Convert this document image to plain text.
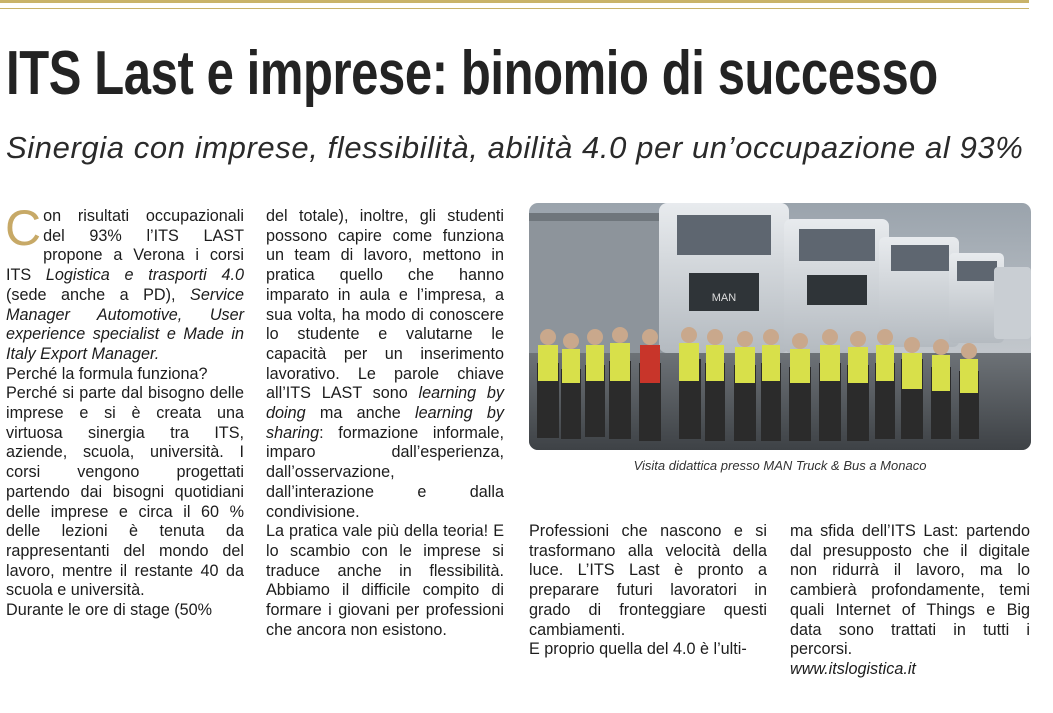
ITS Last e imprese: binomio di successo
Sinergia con imprese, flessibilità, abilità 4.0 per un’occupazione al 93%

Con risultati occupazionali del 93% l’ITS LAST propone a Verona i corsi ITS Logistica e trasporti 4.0 (sede anche a PD), Service Manager Automotive, User experience specialist e Made in Italy Export Manager.

Perché la formula funziona?

Perché si parte dal bisogno delle imprese e si è creata una virtuosa sinergia tra ITS, aziende, scuola, università. I corsi vengono progettati partendo dai bisogni quotidiani delle imprese e circa il 60 % delle lezioni è tenuta da rappresentanti del mondo del lavoro, mentre il restante 40 da scuola e università.

Durante le ore di stage (50%

del totale), inoltre, gli studenti possono capire come funziona un team di lavoro, mettono in pratica quello che hanno imparato in aula e l’impresa, a sua volta, ha modo di conoscere lo studente e valutarne le capacità per un inserimento lavorativo. Le parole chiave all’ITS LAST sono learning by doing ma anche learning by sharing: formazione informale, imparo dall’esperienza, dall’osservazione, dall’interazione e dalla condivisione.

La pratica vale più della teoria! E lo scambio con le imprese si traduce anche in flessibilità. Abbiamo il difficile compito di formare i giovani per professioni che ancora non esistono.

MAN
Visita didattica presso MAN Truck & Bus a Monaco

Professioni che nascono e si trasformano alla velocità della luce. L’ITS Last è pronto a preparare futuri lavoratori in grado di fronteggiare questi cambiamenti.

E proprio quella del 4.0 è l’ulti-

ma sfida dell’ITS Last: partendo dal presupposto che il digitale non ridurrà il lavoro, ma lo cambierà profondamente, temi quali Internet of Things e Big data sono trattati in tutti i percorsi.

www.itslogistica.it
